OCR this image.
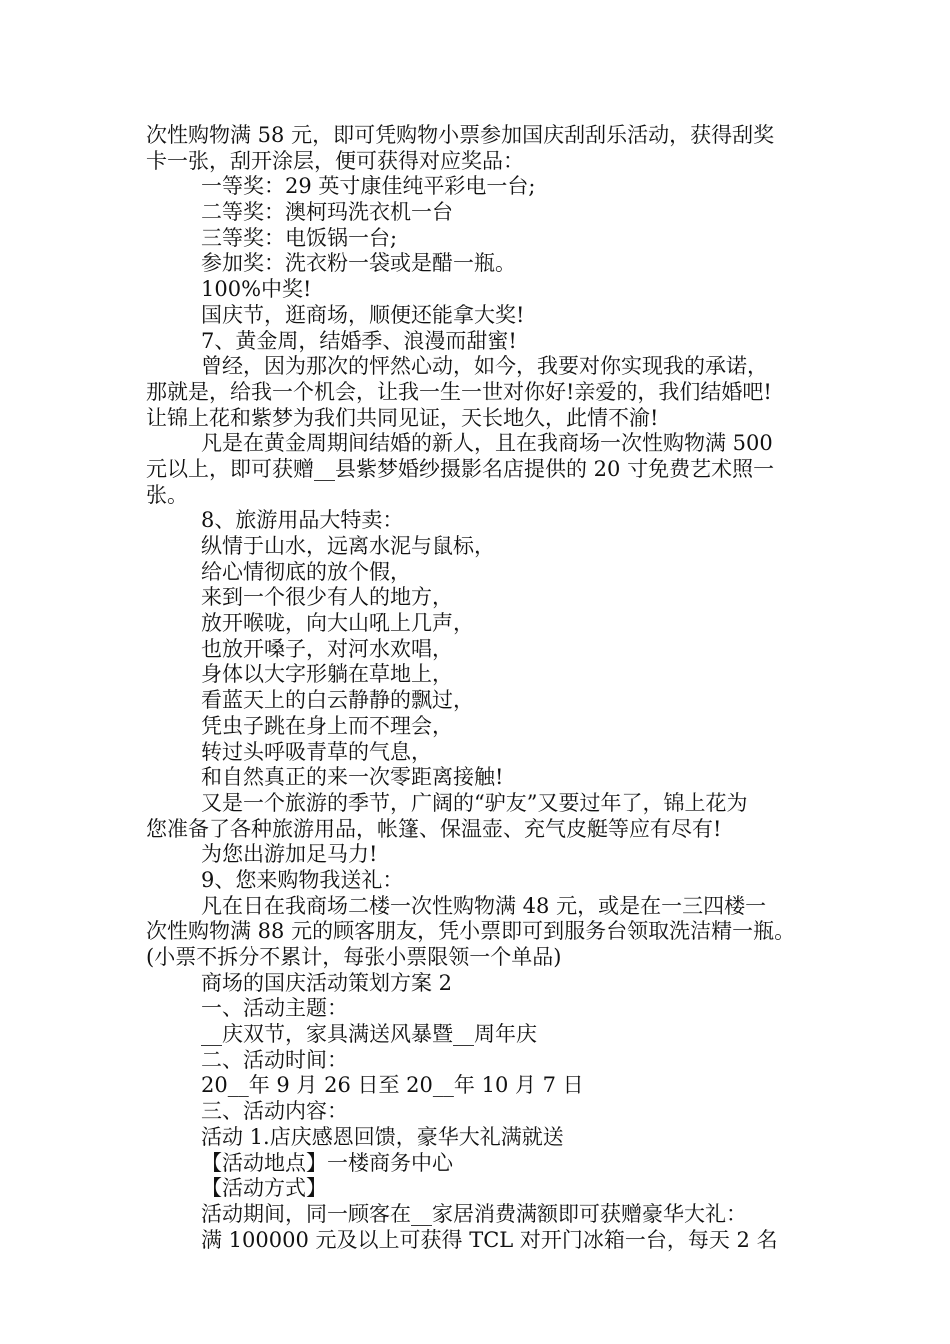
次性购物满 58 元，即可凭购物小票参加国庆刮刮乐活动，获得刮奖

卡一张，刮开涂层，便可获得对应奖品：

一等奖：29 英寸康佳纯平彩电一台;

二等奖：澳柯玛洗衣机一台

三等奖：电饭锅一台;

参加奖：洗衣粉一袋或是醋一瓶。

100%中奖!

国庆节，逛商场，顺便还能拿大奖!

7、黄金周，结婚季、浪漫而甜蜜!

曾经，因为那次的怦然心动，如今，我要对你实现我的承诺，

那就是，给我一个机会，让我一生一世对你好!亲爱的，我们结婚吧!

让锦上花和紫梦为我们共同见证，天长地久，此情不渝!

凡是在黄金周期间结婚的新人，且在我商场一次性购物满 500

元以上，即可获赠__县紫梦婚纱摄影名店提供的 20 寸免费艺术照一

张。

8、旅游用品大特卖：

纵情于山水，远离水泥与鼠标，

给心情彻底的放个假，

来到一个很少有人的地方，

放开喉咙，向大山吼上几声，

也放开嗓子，对河水欢唱，

身体以大字形躺在草地上，

看蓝天上的白云静静的飘过，

凭虫子跳在身上而不理会，

转过头呼吸青草的气息，

和自然真正的来一次零距离接触!

又是一个旅游的季节，广阔的“驴友”又要过年了，锦上花为

您准备了各种旅游用品，帐篷、保温壶、充气皮艇等应有尽有!

为您出游加足马力!

9、您来购物我送礼：

凡在日在我商场二楼一次性购物满 48 元，或是在一三四楼一

次性购物满 88 元的顾客朋友，凭小票即可到服务台领取洗洁精一瓶。

(小票不拆分不累计，每张小票限领一个单品)

商场的国庆活动策划方案 2

一、活动主题：

__庆双节，家具满送风暴暨__周年庆

二、活动时间：

20__年 9 月 26 日至 20__年 10 月 7 日

三、活动内容：

活动 1.店庆感恩回馈，豪华大礼满就送

【活动地点】一楼商务中心

【活动方式】

活动期间，同一顾客在__家居消费满额即可获赠豪华大礼：

满 100000 元及以上可获得 TCL 对开门冰箱一台，每天 2 名
